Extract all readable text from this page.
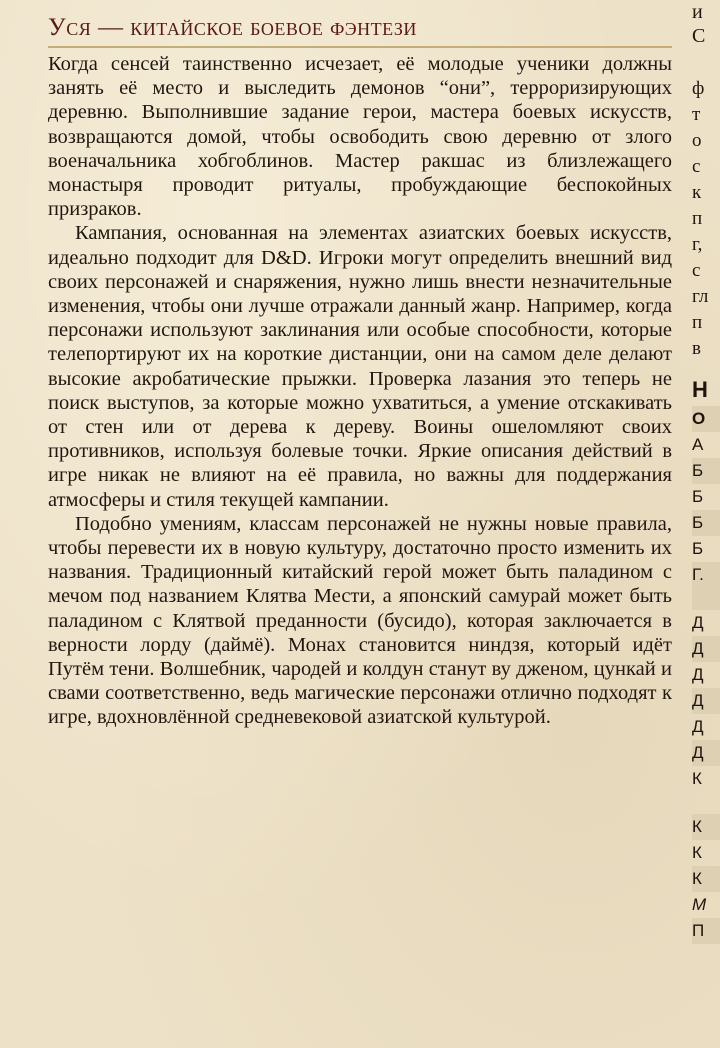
Уся — китайское боевое фэнтези

Когда сенсей таинственно исчезает, её молодые ученики должны занять её место и выследить демонов “они”, терроризирующих деревню. Выполнившие задание герои, мастера боевых искусств, возвращаются домой, чтобы освободить свою деревню от злого военачальника хобгоблинов. Мастер ракшас из близлежащего монастыря проводит ритуалы, пробуждающие беспокойных призраков.

Кампания, основанная на элементах азиатских боевых искусств, идеально подходит для D&D. Игроки могут определить внешний вид своих персонажей и снаряжения, нужно лишь внести незначительные изменения, чтобы они лучше отражали данный жанр. Например, когда персонажи используют заклинания или особые способности, которые телепортируют их на короткие дистанции, они на самом деле делают высокие акробатические прыжки. Проверка лазания это теперь не поиск выступов, за которые можно ухватиться, а умение отскакивать от стен или от дерева к дереву. Воины ошеломляют своих противников, используя болевые точки. Яркие описания действий в игре никак не влияют на её правила, но важны для поддержания атмосферы и стиля текущей кампании.

Подобно умениям, классам персонажей не нужны новые правила, чтобы перевести их в новую культуру, достаточно просто изменить их названия. Традиционный китайский герой может быть паладином с мечом под названием Клятва Мести, а японский самурай может быть паладином с Клятвой преданности (бусидо), которая заключается в верности лорду (даймё). Монах становится ниндзя, который идёт Путём тени. Волшебник, чародей и колдун станут ву дженом, цункай и свами соответственно, ведь магические персонажи отлично подходят к игре, вдохновлённой средневековой азиатской культурой.

и
С
ф
т
о
с
к
п
г,
с
гл
п
в
Н
О
А
Б
Б
Б
Б
Г.
Д
Д
Д
Д
Д
Д
К
К
К
К
М
П
